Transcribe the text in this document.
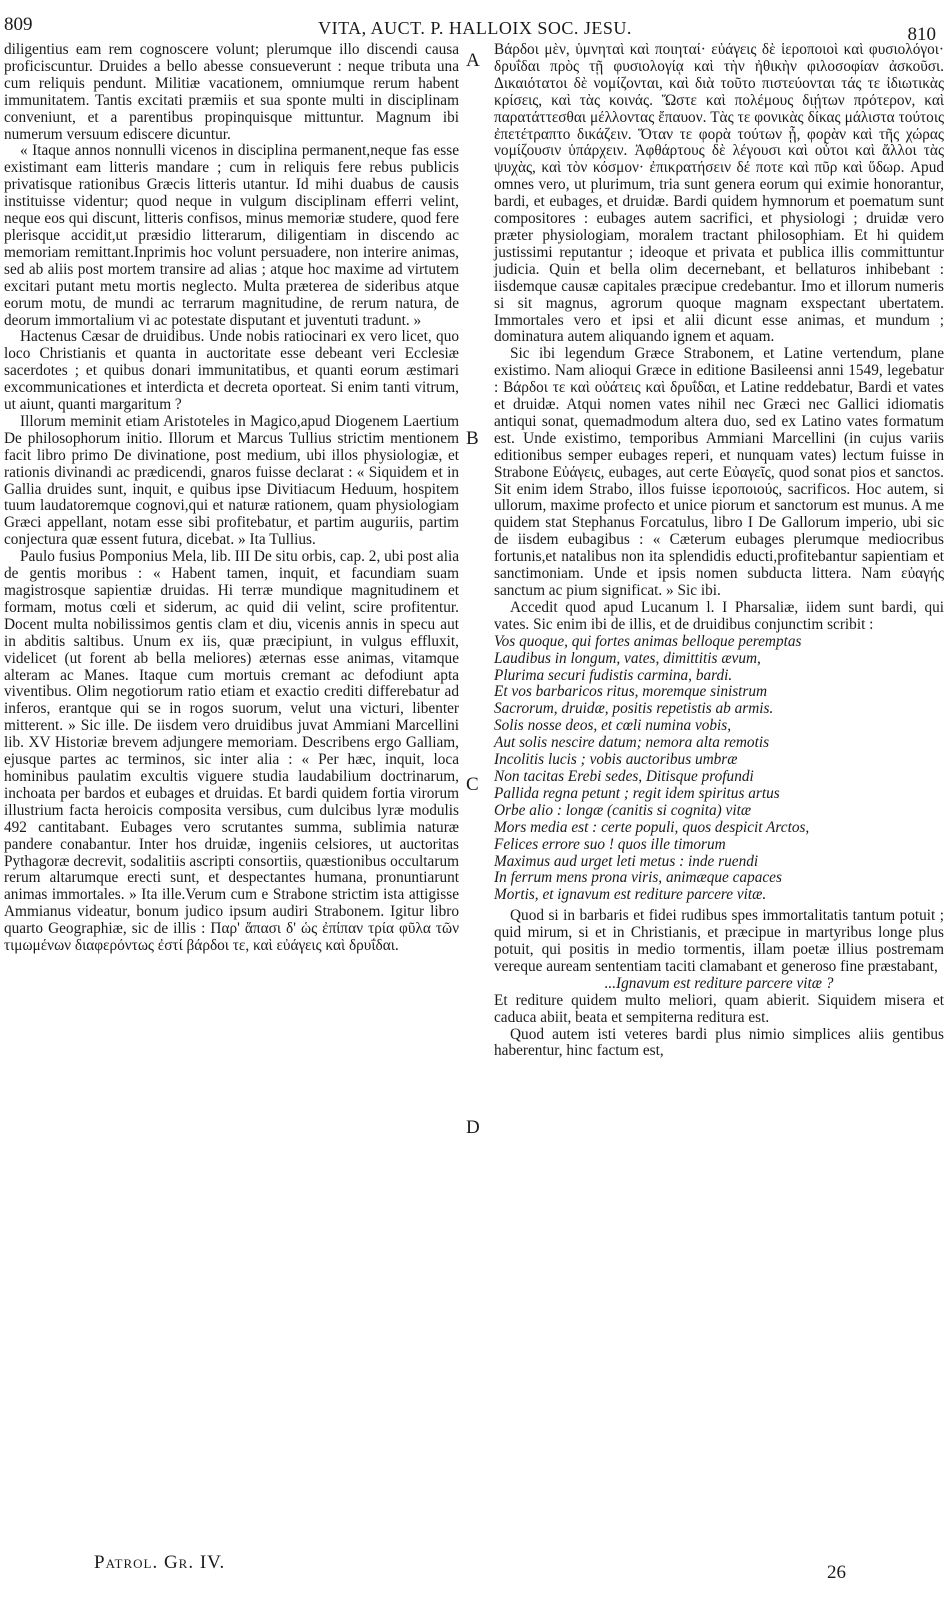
809	VITA, AUCT. P. HALLOIX SOC. JESU.	810

diligentius eam rem cognoscere volunt; plerumque illo discendi causa proficiscuntur. Druides a bello abesse consueverunt : neque tributa una cum reliquis pendunt. Militiæ vacationem, omniumque rerum habent immunitatem. Tantis excitati præmiis et sua sponte multi in disciplinam conveniunt, et a parentibus propinquisque mittuntur. Magnum ibi numerum versuum ediscere dicuntur.

« Itaque annos nonnulli vicenos in disciplina permanent,neque fas esse existimant eam litteris mandare ; cum in reliquis fere rebus publicis privatisque rationibus Græcis litteris utantur. Id mihi duabus de causis instituisse videntur; quod neque in vulgum disciplinam efferri velint, neque eos qui discunt, litteris confisos, minus memoriæ studere, quod fere plerisque accidit,ut præsidio litterarum, diligentiam in discendo ac memoriam remittant.Inprimis hoc volunt persuadere, non interire animas, sed ab aliis post mortem transire ad alias ; atque hoc maxime ad virtutem excitari putant metu mortis neglecto. Multa præterea de sideribus atque eorum motu, de mundi ac terrarum magnitudine, de rerum natura, de deorum immortalium vi ac potestate disputant et juventuti tradunt. »

Hactenus Cæsar de druidibus. Unde nobis ratiocinari ex vero licet, quo loco Christianis et quanta in auctoritate esse debeant veri Ecclesiæ sacerdotes ; et quibus donari immunitatibus, et quanti eorum æstimari excommunicationes et interdicta et decreta oporteat. Si enim tanti vitrum, ut aiunt, quanti margaritum ?

Illorum meminit etiam Aristoteles in Magico,apud Diogenem Laertium De philosophorum initio. Illorum et Marcus Tullius strictim mentionem facit libro primo De divinatione, post medium, ubi illos physiologiæ, et rationis divinandi ac prædicendi, gnaros fuisse declarat : « Siquidem et in Gallia druides sunt, inquit, e quibus ipse Divitiacum Heduum, hospitem tuum laudatoremque cognovi,qui et naturæ rationem, quam physiologiam Græci appellant, notam esse sibi profitebatur, et partim auguriis, partim conjectura quæ essent futura, dicebat. » Ita Tullius.

Paulo fusius Pomponius Mela, lib. III De situ orbis, cap. 2, ubi post alia de gentis moribus : « Habent tamen, inquit, et facundiam suam magistrosque sapientiæ druidas. Hi terræ mundique magnitudinem et formam, motus cœli et siderum, ac quid dii velint, scire profitentur. Docent multa nobilissimos gentis clam et diu, vicenis annis in specu aut in abditis saltibus. Unum ex iis, quæ præcipiunt, in vulgus effluxit, videlicet (ut forent ab bella meliores) æternas esse animas, vitamque alteram ac Manes. Itaque cum mortuis cremant ac defodiunt apta viventibus. Olim negotiorum ratio etiam et exactio crediti differebatur ad inferos, erantque qui se in rogos suorum, velut una victuri, libenter mitterent. » Sic ille. De iisdem vero druidibus juvat Ammiani Marcellini lib. XV Historiæ brevem adjungere memoriam. Describens ergo Galliam, ejusque partes ac terminos, sic inter alia : « Per hæc, inquit, loca hominibus paulatim excultis viguere studia laudabilium doctrinarum, inchoata per bardos et eubages et druidas. Et bardi quidem fortia virorum illustrium facta heroicis composita versibus, cum dulcibus lyræ modulis 492 cantitabant. Eubages vero scrutantes summa, sublimia naturæ pandere conabantur. Inter hos druidæ, ingeniis celsiores, ut auctoritas Pythagoræ decrevit, sodalitiis ascripti consortiis, quæstionibus occultarum rerum altarumque erecti sunt, et despectantes humana, pronuntiarunt animas immortales. » Ita ille.Verum cum e Strabone strictim ista attigisse Ammianus videatur, bonum judico ipsum audiri Strabonem. Igitur libro quarto Geographiæ, sic de illis : Παρ' ἅπασι δ' ὡς ἐπίπαν τρία φῦλα τῶν τιμωμένων διαφερόντως ἐστί βάρδοι τε, καὶ εὐάγεις καὶ δρυΐδαι.

A
B
C
D

Βάρδοι μὲν, ὑμνηταὶ καὶ ποιηταί· εὐάγεις δὲ ἱεροποιοὶ καὶ φυσιολόγοι· δρυΐδαι πρὸς τῇ φυσιολογίᾳ καὶ τὴν ἠθικὴν φιλοσοφίαν ἀσκοῦσι. Δικαιότατοι δὲ νομίζονται, καὶ διὰ τοῦτο πιστεύονται τάς τε ἰδιωτικὰς κρίσεις, καὶ τὰς κοινάς. Ὥστε καὶ πολέμους διῄτων πρότερον, καὶ παρατάττεσθαι μέλλοντας ἔπαυον. Τὰς τε φονικὰς δίκας μάλιστα τούτοις ἐπετέτραπτο δικάζειν. Ὅταν τε φορὰ τούτων ᾖ, φορὰν καὶ τῆς χώρας νομίζουσιν ὑπάρχειν. Ἀφθάρτους δὲ λέγουσι καὶ οὗτοι καὶ ἄλλοι τὰς ψυχὰς, καὶ τὸν κόσμον· ἐπικρατήσειν δέ ποτε καὶ πῦρ καὶ ὕδωρ. Apud omnes vero, ut plurimum, tria sunt genera eorum qui eximie honorantur, bardi, et eubages, et druidæ. Bardi quidem hymnorum et poematum sunt compositores : eubages autem sacrifici, et physiologi ; druidæ vero præter physiologiam, moralem tractant philosophiam. Et hi quidem justissimi reputantur ; ideoque et privata et publica illis committuntur judicia. Quin et bella olim decernebant, et bellaturos inhibebant : iisdemque causæ capitales præcipue credebantur. Imo et illorum numeris si sit magnus, agrorum quoque magnam exspectant ubertatem. Immortales vero et ipsi et alii dicunt esse animas, et mundum ; dominatura autem aliquando ignem et aquam.

Sic ibi legendum Græce Strabonem, et Latine vertendum, plane existimo. Nam alioqui Græce in editione Basileensi anni 1549, legebatur : Βάρδοι τε καὶ οὐάτεις καὶ δρυΐδαι, et Latine reddebatur, Bardi et vates et druidæ. Atqui nomen vates nihil nec Græci nec Gallici idiomatis antiqui sonat, quemadmodum altera duo, sed ex Latino vates formatum est. Unde existimo, temporibus Ammiani Marcellini (in cujus variis editionibus semper eubages reperi, et nunquam vates) lectum fuisse in Strabone Εὐάγεις, eubages, aut certe Εὐαγεῖς, quod sonat pios et sanctos. Sit enim idem Strabo, illos fuisse ἱεροποιούς, sacrificos. Hoc autem, si ullorum, maxime profecto et unice piorum et sanctorum est munus. A me quidem stat Stephanus Forcatulus, libro I De Gallorum imperio, ubi sic de iisdem eubagibus : « Cæterum eubages plerumque mediocribus fortunis,et natalibus non ita splendidis educti,profitebantur sapientiam et sanctimoniam. Unde et ipsis nomen subducta littera. Nam εὐαγής sanctum ac pium significat. » Sic ibi.

Accedit quod apud Lucanum l. I Pharsaliæ, iidem sunt bardi, qui vates. Sic enim ibi de illis, et de druidibus conjunctim scribit :

Vos quoque, qui fortes animas belloque peremptas

Laudibus in longum, vates, dimittitis ævum,

Plurima securi fudistis carmina, bardi.

Et vos barbaricos ritus, moremque sinistrum

Sacrorum, druidæ, positis repetistis ab armis.

Solis nosse deos, et cœli numina vobis,

Aut solis nescire datum; nemora alta remotis

Incolitis lucis ; vobis auctoribus umbræ

Non tacitas Erebi sedes, Ditisque profundi

Pallida regna petunt ; regit idem spiritus artus

Orbe alio : longæ (canitis si cognita) vitæ

Mors media est : certe populi, quos despicit Arctos,

Felices errore suo ! quos ille timorum

Maximus aud urget leti metus : inde ruendi

In ferrum mens prona viris, animæque capaces

Mortis, et ignavum est rediture parcere vitæ.

Quod si in barbaris et fidei rudibus spes immortalitatis tantum potuit ; quid mirum, si et in Christianis, et præcipue in martyribus longe plus potuit, qui positis in medio tormentis, illam poetæ illius postremam vereque auream sententiam taciti clamabant et generoso fine præstabant,

...Ignavum est rediture parcere vitæ ?

Et rediture quidem multo meliori, quam abierit. Siquidem misera et caduca abiit, beata et sempiterna reditura est.

Quod autem isti veteres bardi plus nimio simplices aliis gentibus haberentur, hinc factum est,

Patrol. Gr. IV.	26
